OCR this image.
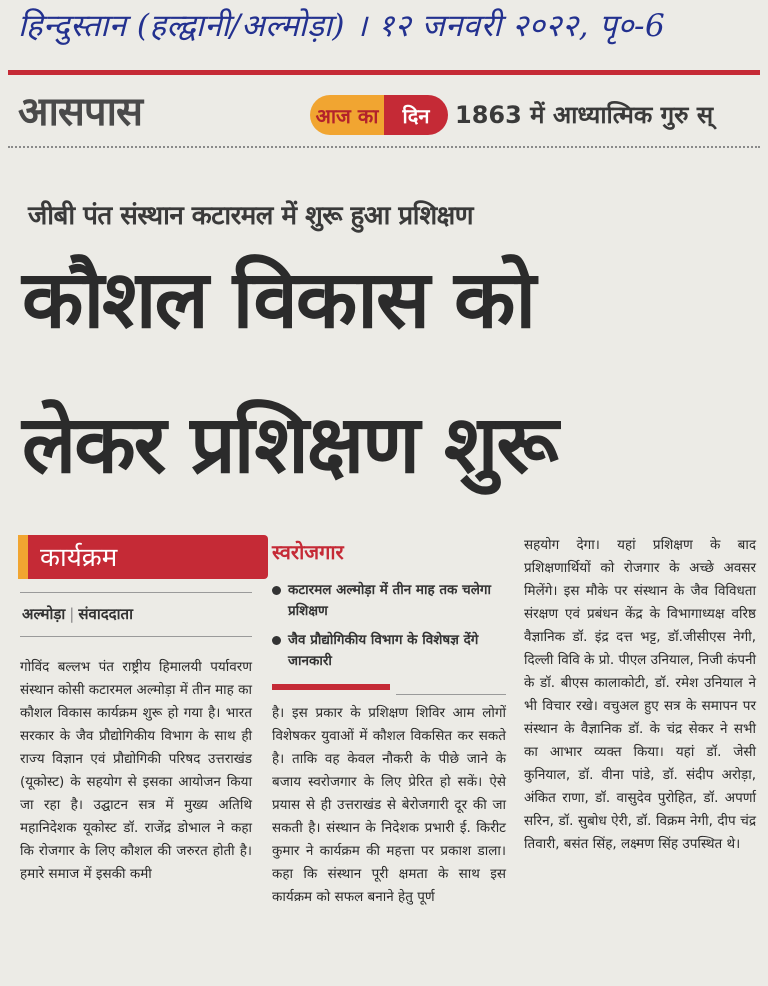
हिन्दुस्तान (हल्द्वानी/अल्मोड़ा) । १२ जनवरी २०२२, पृ०-6
आसपास	आज का	दिन	1863 में आध्यात्मिक गुरु स्
जीबी पंत संस्थान कटारमल में शुरू हुआ प्रशिक्षण
कौशल विकास को
लेकर प्रशिक्षण शुरू
कार्यक्रम
अल्मोड़ा | संवाददाता
गोविंद बल्लभ पंत राष्ट्रीय हिमालयी पर्यावरण संस्थान कोसी कटारमल अल्मोड़ा में तीन माह का कौशल विकास कार्यक्रम शुरू हो गया है। भारत सरकार के जैव प्रौद्योगिकीय विभाग के साथ ही राज्य विज्ञान एवं प्रौद्योगिकी परिषद उत्तराखंड (यूकोस्ट) के सहयोग से इसका आयोजन किया जा रहा है। उद्घाटन सत्र में मुख्य अतिथि महानिदेशक यूकोस्ट डॉ. राजेंद्र डोभाल ने कहा कि रोजगार के लिए कौशल की जरुरत होती है। हमारे समाज में इसकी कमी
स्वरोजगार
कटारमल अल्मोड़ा में तीन माह तक चलेगा प्रशिक्षण
जैव प्रौद्योगिकीय विभाग के विशेषज्ञ देंगे जानकारी
है। इस प्रकार के प्रशिक्षण शिविर आम लोगों विशेषकर युवाओं में कौशल विकसित कर सकते है। ताकि वह केवल नौकरी के पीछे जाने के बजाय स्वरोजगार के लिए प्रेरित हो सकें। ऐसे प्रयास से ही उत्तराखंड से बेरोजगारी दूर की जा सकती है। संस्थान के निदेशक प्रभारी ई. किरीट कुमार ने कार्यक्रम की महत्ता पर प्रकाश डाला। कहा कि संस्थान पूरी क्षमता के साथ इस कार्यक्रम को सफल बनाने हेतु पूर्ण
सहयोग देगा। यहां प्रशिक्षण के बाद प्रशिक्षणार्थियों को रोजगार के अच्छे अवसर मिलेंगे। इस मौके पर संस्थान के जैव विविधता संरक्षण एवं प्रबंधन केंद्र के विभागाध्यक्ष वरिष्ठ वैज्ञानिक डॉ. इंद्र दत्त भट्ट, डॉ.जीसीएस नेगी, दिल्ली विवि के प्रो. पीएल उनियाल, निजी कंपनी के डॉ. बीएस कालाकोटी, डॉ. रमेश उनियाल ने भी विचार रखे। वचुअल हुए सत्र के समापन पर संस्थान के वैज्ञानिक डॉ. के चंद्र सेकर ने सभी का आभार व्यक्त किया। यहां डॉ. जेसी कुनियाल, डॉ. वीना पांडे, डॉ. संदीप अरोड़ा, अंकित राणा, डॉ. वासुदेव पुरोहित, डॉ. अपर्णा सरिन, डॉ. सुबोध ऐरी, डॉ. विक्रम नेगी, दीप चंद्र तिवारी, बसंत सिंह, लक्ष्मण सिंह उपस्थित थे।
